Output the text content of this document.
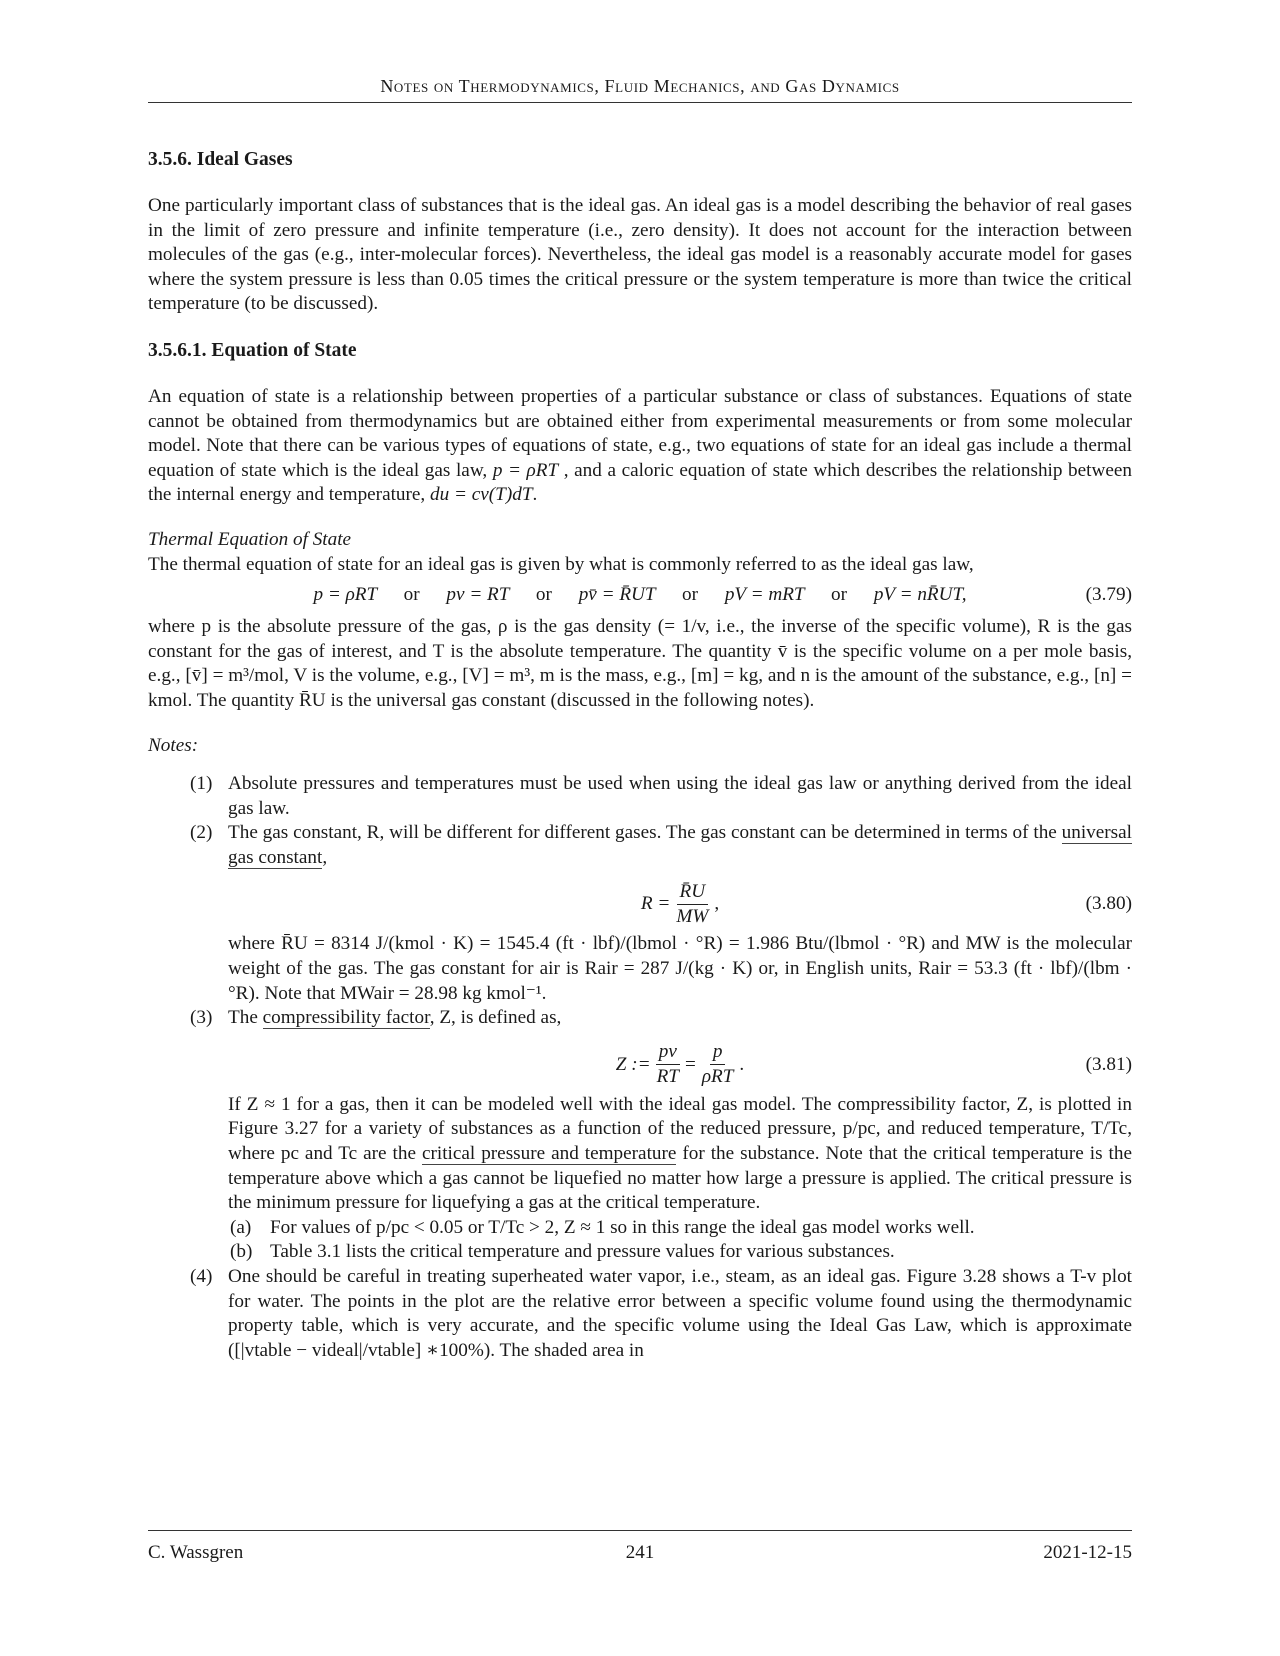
Notes on Thermodynamics, Fluid Mechanics, and Gas Dynamics
3.5.6. Ideal Gases

One particularly important class of substances that is the ideal gas. An ideal gas is a model describing the behavior of real gases in the limit of zero pressure and infinite temperature (i.e., zero density). It does not account for the interaction between molecules of the gas (e.g., inter-molecular forces). Nevertheless, the ideal gas model is a reasonably accurate model for gases where the system pressure is less than 0.05 times the critical pressure or the system temperature is more than twice the critical temperature (to be discussed).

3.5.6.1. Equation of State

An equation of state is a relationship between properties of a particular substance or class of substances. Equations of state cannot be obtained from thermodynamics but are obtained either from experimental measurements or from some molecular model. Note that there can be various types of equations of state, e.g., two equations of state for an ideal gas include a thermal equation of state which is the ideal gas law, p = ρRT , and a caloric equation of state which describes the relationship between the internal energy and temperature, du = cv(T)dT.

Thermal Equation of State
The thermal equation of state for an ideal gas is given by what is commonly referred to as the ideal gas law,
p = ρRT or pv = RT or pv̄ = R̄UT or pV = mRT or pV = nR̄UT,	(3.79)

where p is the absolute pressure of the gas, ρ is the gas density (= 1/v, i.e., the inverse of the specific volume), R is the gas constant for the gas of interest, and T is the absolute temperature. The quantity v̄ is the specific volume on a per mole basis, e.g., [v̄] = m³/mol, V is the volume, e.g., [V] = m³, m is the mass, e.g., [m] = kg, and n is the amount of the substance, e.g., [n] = kmol. The quantity R̄U is the universal gas constant (discussed in the following notes).

Notes:
(1) Absolute pressures and temperatures must be used when using the ideal gas law or anything derived from the ideal gas law.
(2) The gas constant, R, will be different for different gases. The gas constant can be determined in terms of the universal gas constant,
$R = \frac{R̄U}{MW}$ ,	(3.80)
where R̄U = 8314 J/(kmol · K) = 1545.4 (ft · lbf)/(lbmol · °R) = 1.986 Btu/(lbmol · °R) and MW is the molecular weight of the gas. The gas constant for air is Rair = 287 J/(kg · K) or, in English units, Rair = 53.3 (ft · lbf)/(lbm · °R). Note that MWair = 28.98 kg kmol⁻¹.
(3) The compressibility factor, Z, is defined as,
Z := $\frac{pv}{RT} = \frac{p}{\text{ρRT}}$ .	(3.81)
If Z ≈ 1 for a gas, then it can be modeled well with the ideal gas model. The compressibility factor, Z, is plotted in Figure 3.27 for a variety of substances as a function of the reduced pressure, p/pc, and reduced temperature, T/Tc, where pc and Tc are the critical pressure and temperature for the substance. Note that the critical temperature is the temperature above which a gas cannot be liquefied no matter how large a pressure is applied. The critical pressure is the minimum pressure for liquefying a gas at the critical temperature.
(a) For values of p/pc < 0.05 or T/Tc > 2, Z ≈ 1 so in this range the ideal gas model works well.
(b) Table 3.1 lists the critical temperature and pressure values for various substances.
(4) One should be careful in treating superheated water vapor, i.e., steam, as an ideal gas. Figure 3.28 shows a T-v plot for water. The points in the plot are the relative error between a specific volume found using the thermodynamic property table, which is very accurate, and the specific volume using the Ideal Gas Law, which is approximate ([|vtable − videal|/vtable] ∗100%). The shaded area in
C. Wassgren	241	2021-12-15
